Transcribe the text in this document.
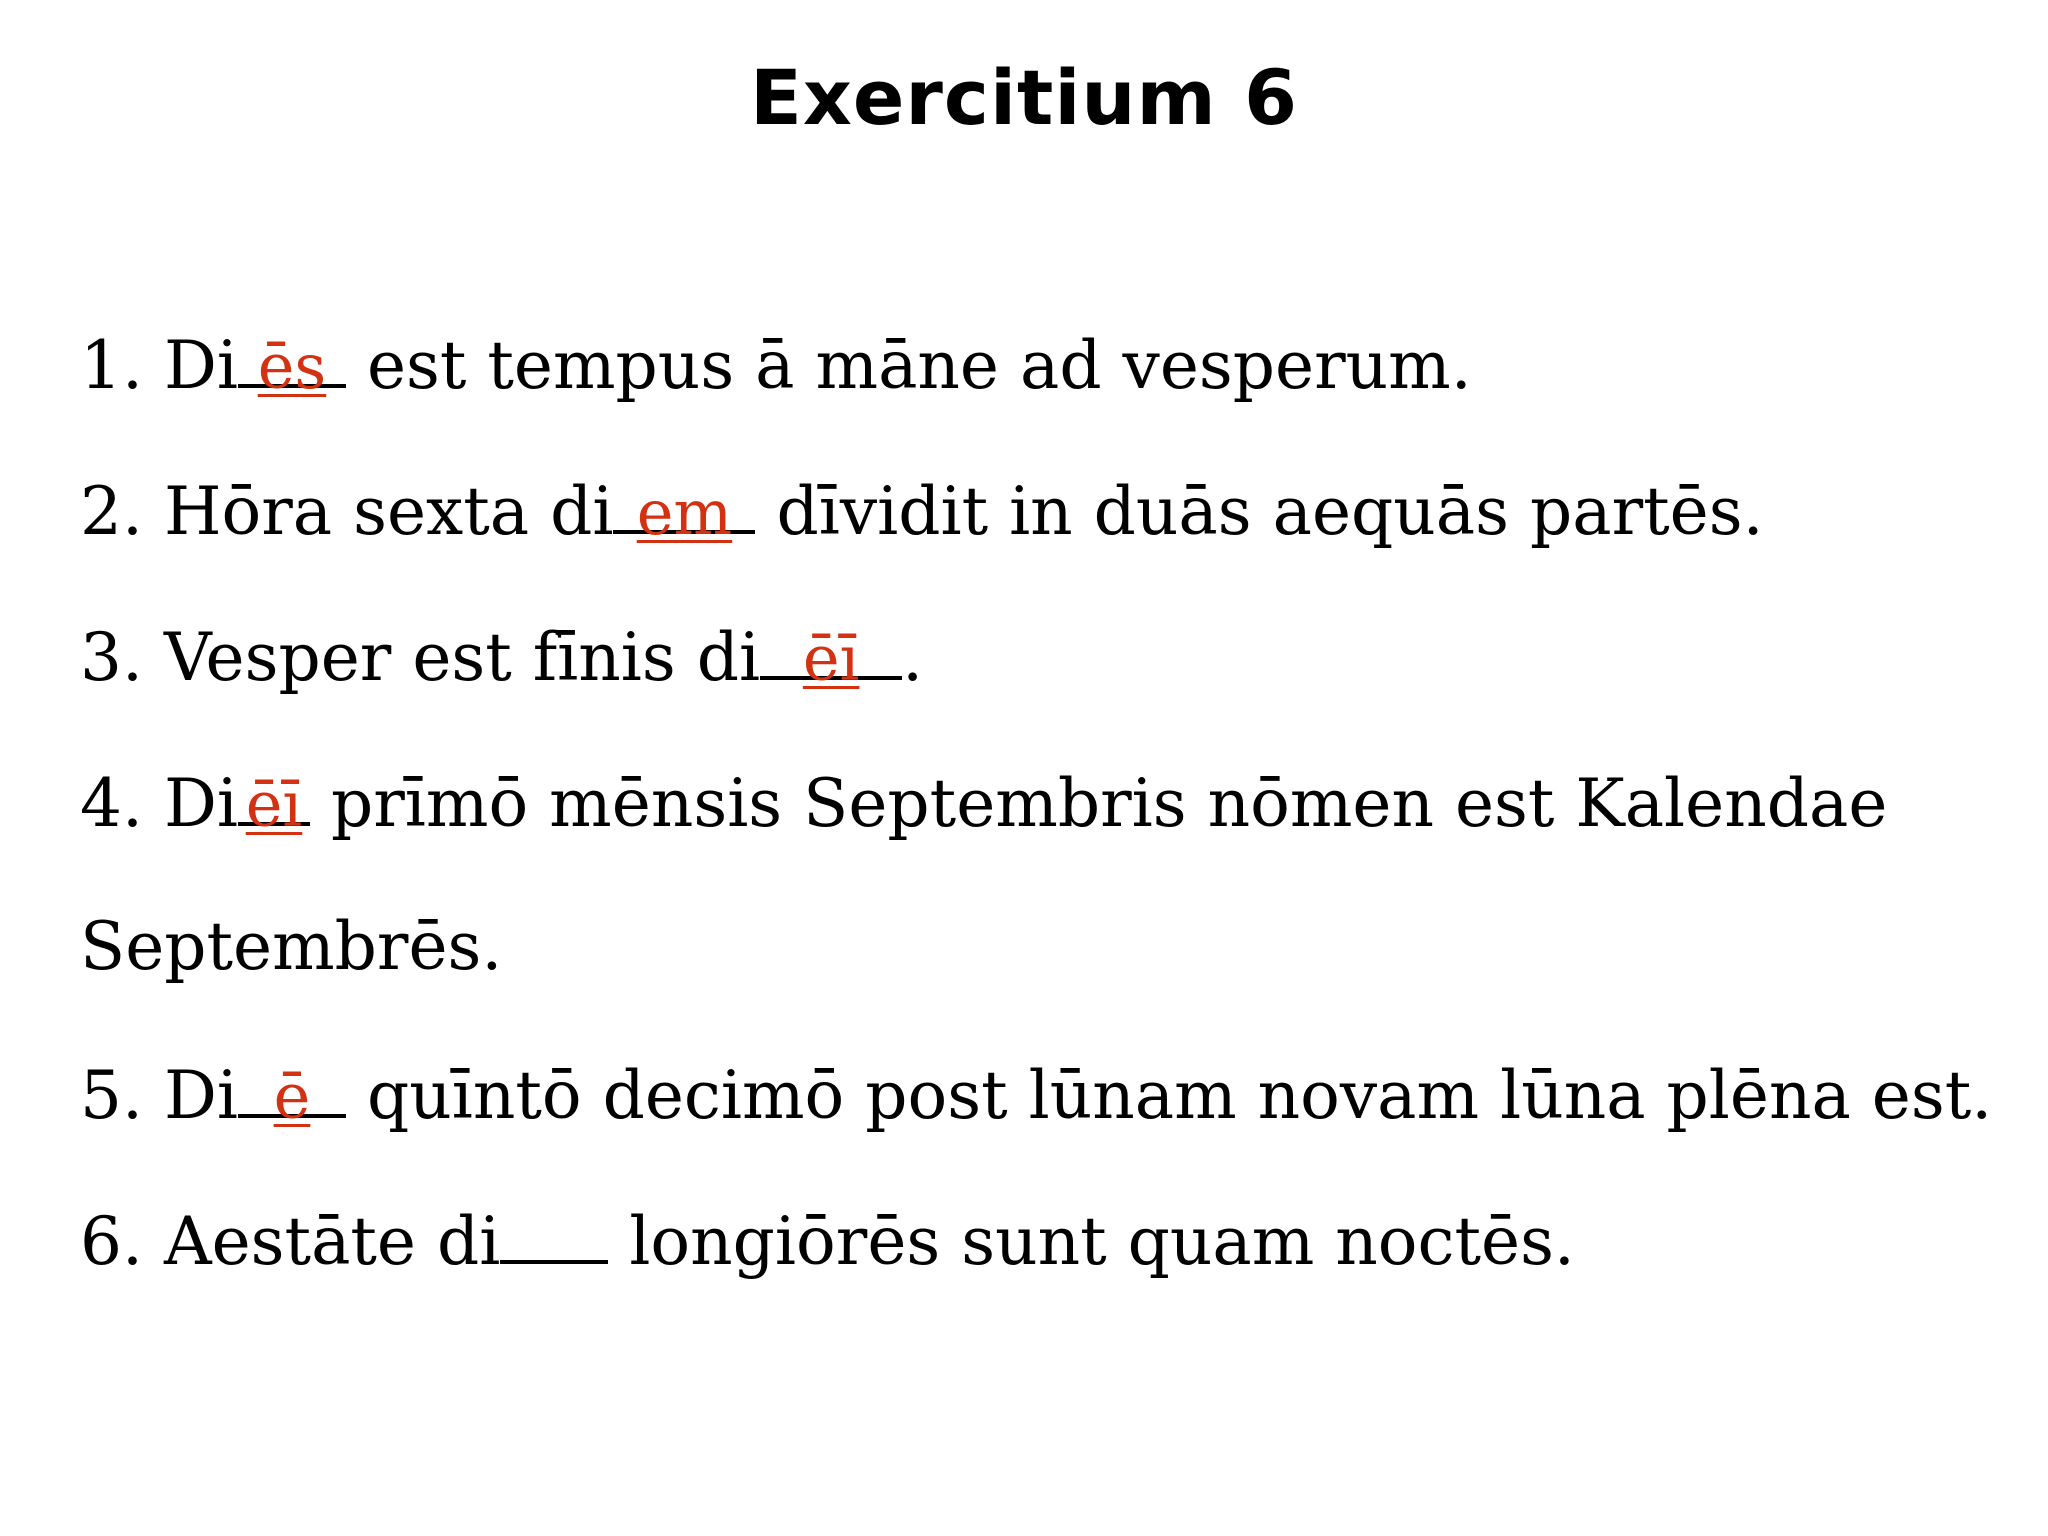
Exercitium 6
1. Di ēs est tempus ā māne ad vesperum.
2. Hōra sexta di em dīvidit in duās aequās partēs.
3. Vesper est fīnis di ēī .
4. Di ēī prīmō mēnsis Septembris nōmen est Kalendae
Septembrēs.
5. Di ē quīntō decimō post lūnam novam lūna plēna est.
6. Aestāte di
longiōrēs sunt quam noctēs.
